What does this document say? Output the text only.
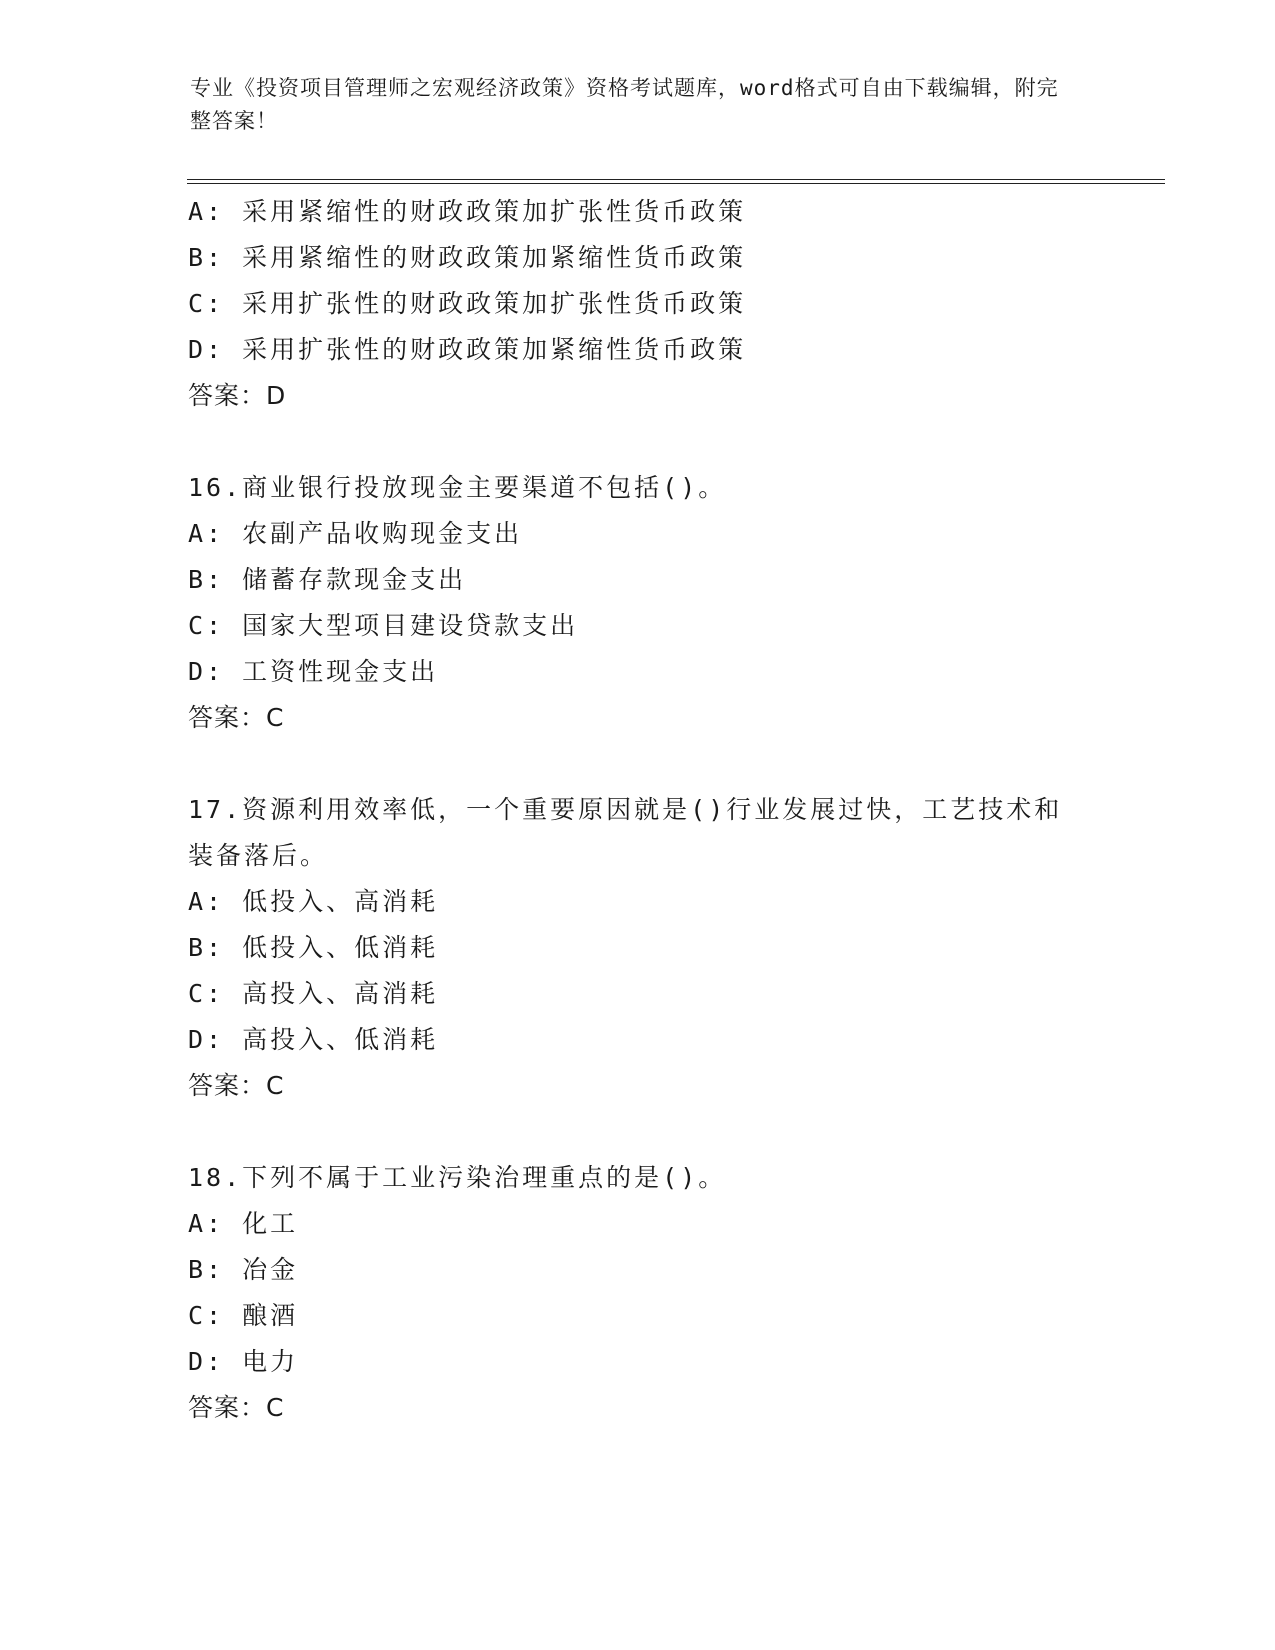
专业《投资项目管理师之宏观经济政策》资格考试题库，word格式可自由下载编辑，附完整答案！
A: 采用紧缩性的财政政策加扩张性货币政策
B: 采用紧缩性的财政政策加紧缩性货币政策
C: 采用扩张性的财政政策加扩张性货币政策
D: 采用扩张性的财政政策加紧缩性货币政策
答案：D
16.商业银行投放现金主要渠道不包括()。
A: 农副产品收购现金支出
B: 储蓄存款现金支出
C: 国家大型项目建设贷款支出
D: 工资性现金支出
答案：C
17.资源利用效率低，一个重要原因就是()行业发展过快，工艺技术和装备落后。
A: 低投入、高消耗
B: 低投入、低消耗
C: 高投入、高消耗
D: 高投入、低消耗
答案：C
18.下列不属于工业污染治理重点的是()。
A: 化工
B: 冶金
C: 酿酒
D: 电力
答案：C
